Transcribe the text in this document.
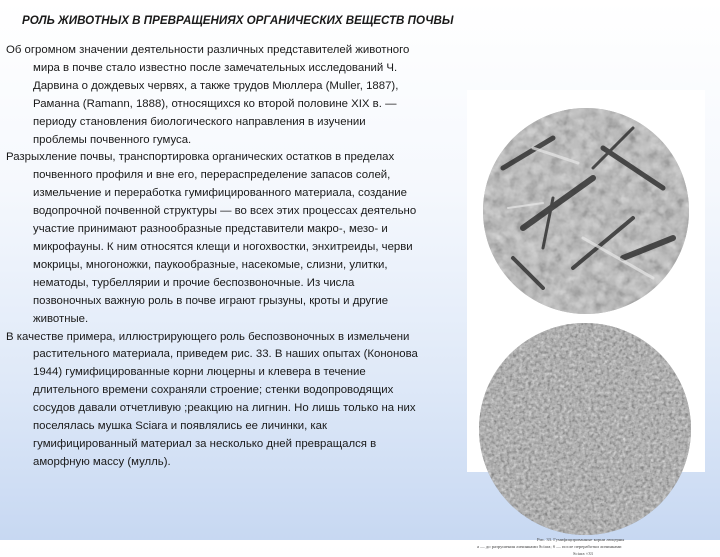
РОЛЬ ЖИВОТНЫХ В ПРЕВРАЩЕНИЯХ ОРГАНИЧЕСКИХ ВЕЩЕСТВ ПОЧВЫ

Об огромном значении деятельности различных представителей животного
мира в почве стало известно после замечательных исследований Ч.
Дарвина о дождевых червях, а также трудов Мюллера (Muller, 1887),
Раманна (Ramann, 1888), относящихся ко второй половине XIX в. —
периоду становления биологического направления в изучении
проблемы почвенного гумуса.

Разрыхление почвы, транспортировка органических остатков в пределах
почвенного профиля и вне его, перераспределение запасов солей,
измельчение и переработка гумифицированного материала, создание
водопрочной почвенной структуры — во всех этих процессах деятельно
участие принимают разнообразные представители макро-, мезо- и
микрофауны. К ним относятся клещи и ногохвостки, энхитреиды, черви
мокрицы, многоножки, паукообразные, насекомые, слизни, улитки,
нематоды, турбеллярии и прочие беспозвоночные. Из числа
позвоночных важную роль в почве играют грызуны, кроты и другие
животные.

В качестве примера, иллюстрирующего роль беспозвоночных в измельчени
растительного материала, приведем рис. 33. В наших опытах (Кононова
1944) гумифицированные корни люцерны и клевера в течение
длительного времени сохраняли строение; стенки водопроводящих
сосудов давали отчетливую ;реакцию на лигнин. Но лишь только на них
поселялась мушка Sciara и появлялись ее личинки, как
гумифицированный материал за несколько дней превращался в
аморфную массу (мулль).

Рис. 33. Гумифицированные корни люцерны
а — до разрушения личинками Sciara; б — после переработки личинками
Sciara ×33
